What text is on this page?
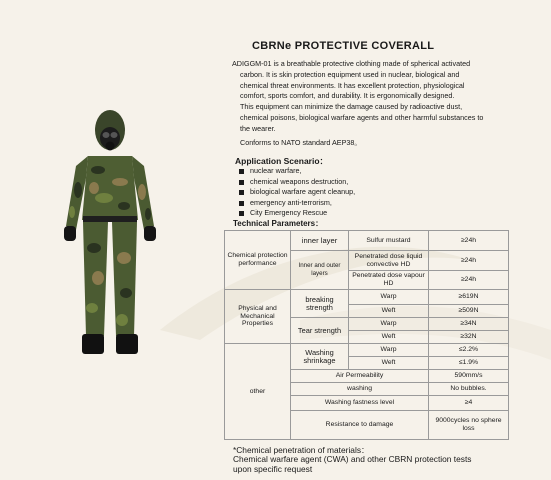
CBRNe PROTECTIVE COVERALL

ADIGGM-01 is a breathable protective clothing made of spherical activated

carbon. It is skin protection equipment used in nuclear, biological and

chemical threat environments. It has excellent protection, physiological

comfort, sports comfort, and durability. It is ergonomically designed.

This equipment can minimize the damage caused by radioactive dust,

chemical poisons, biological warfare agents and other harmful substances to

the wearer.

Conforms to NATO standard AEP38。

Application Scenario：
nuclear warfare,
chemical weapons destruction,
biological warfare agent cleanup,
emergency anti-terrorism,
City Emergency Rescue
Technical Parameters：
Chemical protection performance	inner layer	Sulfur mustard	≥24h
	Inner and outer layers	Penetrated dose liquid convective HD	≥24h
		Penetrated dose vapour HD	≥24h
Physical and Mechanical Properties	breaking strength	Warp	≥619N
		Weft	≥509N
	Tear strength	Warp	≥34N
		Weft	≥32N
other	Washing shrinkage	Warp	≤2.2%
		Weft	≤1.9%
	Air Permeability		590mm/s
	washing		No bubbles.
	Washing fastness level		≥4
	Resistance to damage		9000cycles no sphere loss

*Chemical penetration of materials：

Chemical warfare agent (CWA) and other CBRN protection tests

upon specific request
